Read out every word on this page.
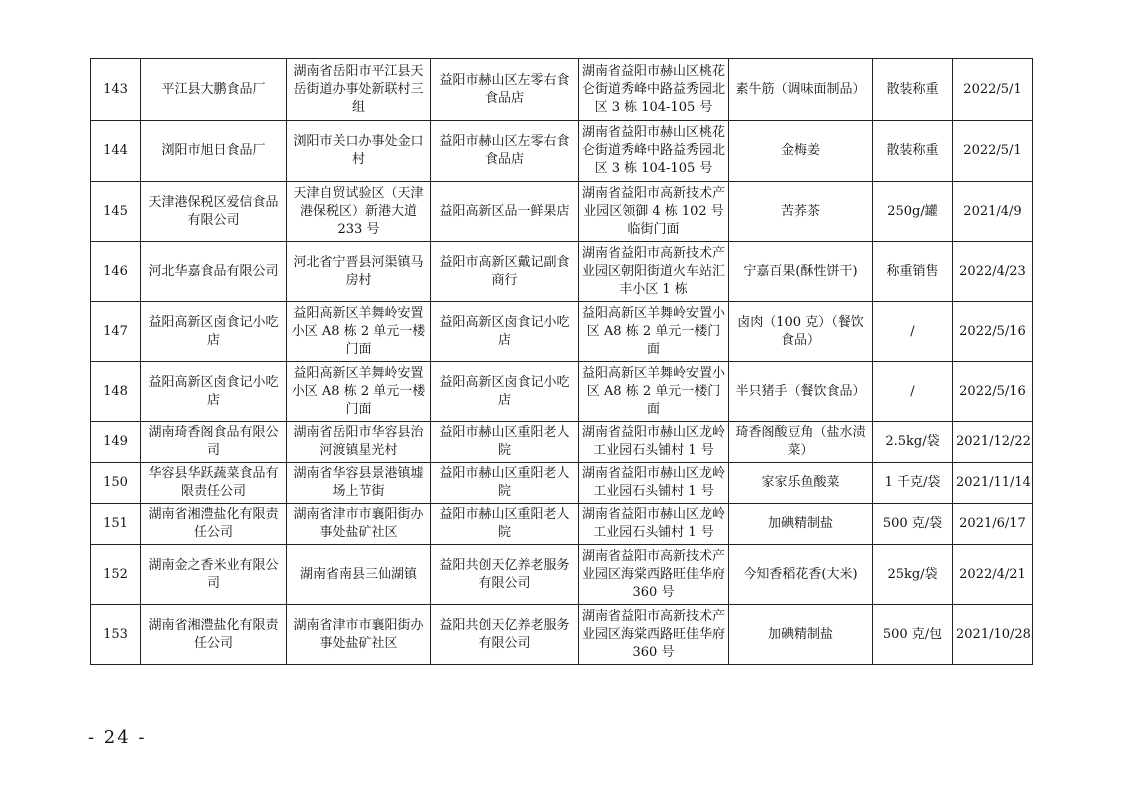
143	平江县大鹏食品厂	湖南省岳阳市平江县天岳街道办事处新联村三组	益阳市赫山区左零右食食品店	湖南省益阳市赫山区桃花仑街道秀峰中路益秀园北区 3 栋 104-105 号	素牛筋（调味面制品）	散装称重	2022/5/1
144	浏阳市旭日食品厂	浏阳市关口办事处金口村	益阳市赫山区左零右食食品店	湖南省益阳市赫山区桃花仑街道秀峰中路益秀园北区 3 栋 104-105 号	金梅姜	散装称重	2022/5/1
145	天津港保税区爱信食品有限公司	天津自贸试验区（天津港保税区）新港大道 233 号	益阳高新区品一鲜果店	湖南省益阳市高新技术产业园区领御 4 栋 102 号临街门面	苦荞茶	250g/罐	2021/4/9
146	河北华嘉食品有限公司	河北省宁晋县河渠镇马房村	益阳市高新区戴记副食商行	湖南省益阳市高新技术产业园区朝阳街道火车站汇丰小区 1 栋	宁嘉百果(酥性饼干)	称重销售	2022/4/23
147	益阳高新区卤食记小吃店	益阳高新区羊舞岭安置小区 A8 栋 2 单元一楼门面	益阳高新区卤食记小吃店	益阳高新区羊舞岭安置小区 A8 栋 2 单元一楼门面	卤肉（100 克）（餐饮食品）	/	2022/5/16
148	益阳高新区卤食记小吃店	益阳高新区羊舞岭安置小区 A8 栋 2 单元一楼门面	益阳高新区卤食记小吃店	益阳高新区羊舞岭安置小区 A8 栋 2 单元一楼门面	半只猪手（餐饮食品）	/	2022/5/16
149	湖南琦香阁食品有限公司	湖南省岳阳市华容县治河渡镇星光村	益阳市赫山区重阳老人院	湖南省益阳市赫山区龙岭工业园石头铺村 1 号	琦香阁酸豆角（盐水渍菜）	2.5kg/袋	2021/12/22
150	华容县华跃蔬菜食品有限责任公司	湖南省华容县景港镇墟场上节街	益阳市赫山区重阳老人院	湖南省益阳市赫山区龙岭工业园石头铺村 1 号	家家乐鱼酸菜	1 千克/袋	2021/11/14
151	湖南省湘澧盐化有限责任公司	湖南省津市市襄阳街办事处盐矿社区	益阳市赫山区重阳老人院	湖南省益阳市赫山区龙岭工业园石头铺村 1 号	加碘精制盐	500 克/袋	2021/6/17
152	湖南金之香米业有限公司	湖南省南县三仙湖镇	益阳共创天亿养老服务有限公司	湖南省益阳市高新技术产业园区海棠西路旺佳华府 360 号	今知香稻花香(大米)	25kg/袋	2022/4/21
153	湖南省湘澧盐化有限责任公司	湖南省津市市襄阳街办事处盐矿社区	益阳共创天亿养老服务有限公司	湖南省益阳市高新技术产业园区海棠西路旺佳华府 360 号	加碘精制盐	500 克/包	2021/10/28
- 24 -
